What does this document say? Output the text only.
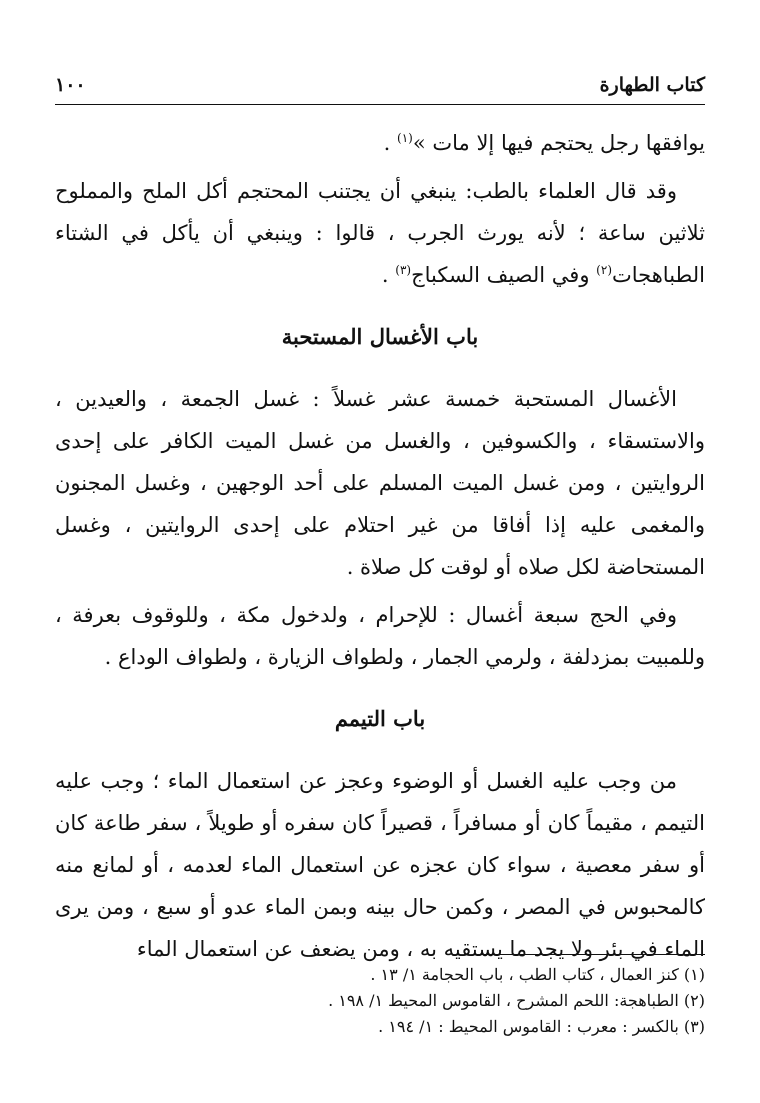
كتاب الطهارة
١٠٠

يوافقها رجل يحتجم فيها إلا مات »$^{(١)}$ .

وقد قال العلماء بالطب: ينبغي أن يجتنب المحتجم أكل الملح والمملوح ثلاثين ساعة ؛ لأنه يورث الجرب ، قالوا : وينبغي أن يأكل في الشتاء الطباهجات$^{(٢)}$ وفي الصيف السكباج$^{(٣)}$ .

باب الأغسال المستحبة

الأغسال المستحبة خمسة عشر غسلاً : غسل الجمعة ، والعيدين ، والاستسقاء ، والكسوفين ، والغسل من غسل الميت الكافر على إحدى الروايتين ، ومن غسل الميت المسلم على أحد الوجهين ، وغسل المجنون والمغمى عليه إذا أفاقا من غير احتلام على إحدى الروايتين ، وغسل المستحاضة لكل صلاه أو لوقت كل صلاة .

وفي الحج سبعة أغسال : للإحرام ، ولدخول مكة ، وللوقوف بعرفة ، وللمبيت بمزدلفة ، ولرمي الجمار ، ولطواف الزيارة ، ولطواف الوداع .

باب التيمم

من وجب عليه الغسل أو الوضوء وعجز عن استعمال الماء ؛ وجب عليه التيمم ، مقيماً كان أو مسافراً ، قصيراً كان سفره أو طويلاً ، سفر طاعة كان أو سفر معصية ، سواء كان عجزه عن استعمال الماء لعدمه ، أو لمانع منه كالمحبوس في المصر ، وكمن حال بينه وبمن الماء عدو أو سبع ، ومن يرى الماء في بئر ولا يجد ما يستقيه به ، ومن يضعف عن استعمال الماء

(١) كنز العمال ، كتاب الطب ، باب الحجامة ١/ ١٣ .
(٢) الطباهجة: اللحم المشرح ، القاموس المحيط ١/ ١٩٨ .
(٣) بالكسر : معرب : القاموس المحيط : ١/ ١٩٤ .
